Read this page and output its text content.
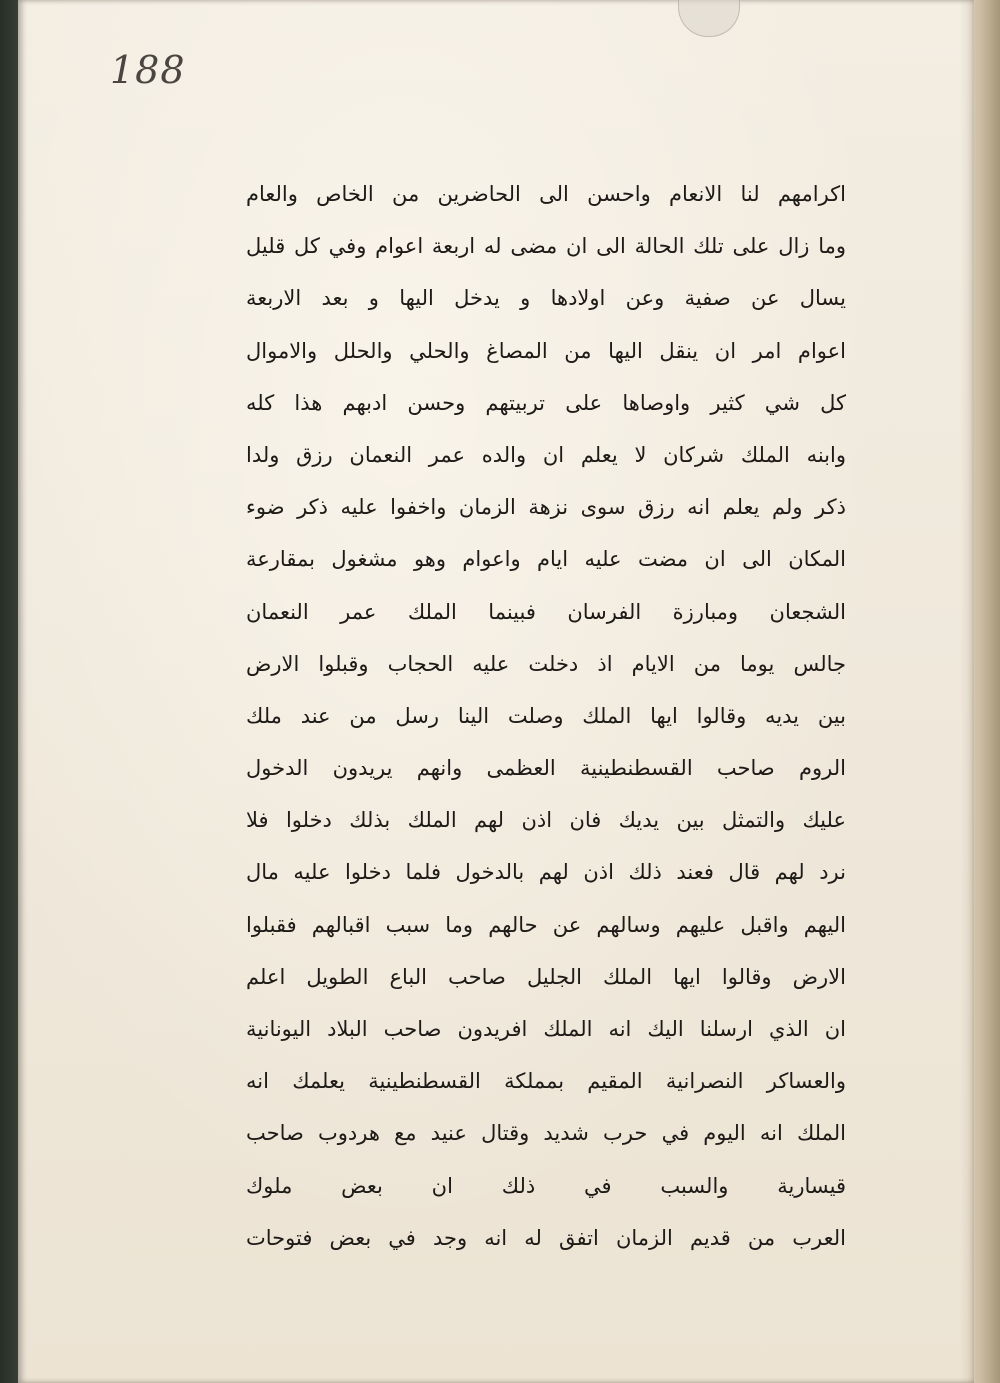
188
اكرامهم لنا الانعام واحسن الى الحاضرين من الخاص والعام
وما زال على تلك الحالة الى ان مضى له اربعة اعوام وفي كل قليل
يسال عن صفية وعن اولادها و يدخل اليها و بعد الاربعة
اعوام امر ان ينقل اليها من المصاغ والحلي والحلل والاموال
كل شي كثير واوصاها على تربيتهم وحسن ادبهم هذا كله
وابنه الملك شركان لا يعلم ان والده عمر النعمان رزق ولدا
ذكر ولم يعلم انه رزق سوى نزهة الزمان واخفوا عليه ذكر ضوء
المكان الى ان مضت عليه ايام واعوام وهو مشغول بمقارعة
الشجعان ومبارزة الفرسان فبينما الملك عمر النعمان
جالس يوما من الايام اذ دخلت عليه الحجاب وقبلوا الارض
بين يديه وقالوا ايها الملك وصلت الينا رسل من عند ملك
الروم صاحب القسطنطينية العظمى وانهم يريدون الدخول
عليك والتمثل بين يديك فان اذن لهم الملك بذلك دخلوا فلا
نرد لهم قال فعند ذلك اذن لهم بالدخول فلما دخلوا عليه مال
اليهم واقبل عليهم وسالهم عن حالهم وما سبب اقبالهم فقبلوا
الارض وقالوا ايها الملك الجليل صاحب الباع الطويل اعلم
ان الذي ارسلنا اليك انه الملك افريدون صاحب البلاد اليونانية
والعساكر النصرانية المقيم بمملكة القسطنطينية يعلمك انه
الملك انه اليوم في حرب شديد وقتال عنيد مع هردوب صاحب
قيسارية والسبب في ذلك ان بعض ملوك
العرب من قديم الزمان اتفق له انه وجد في بعض فتوحات
